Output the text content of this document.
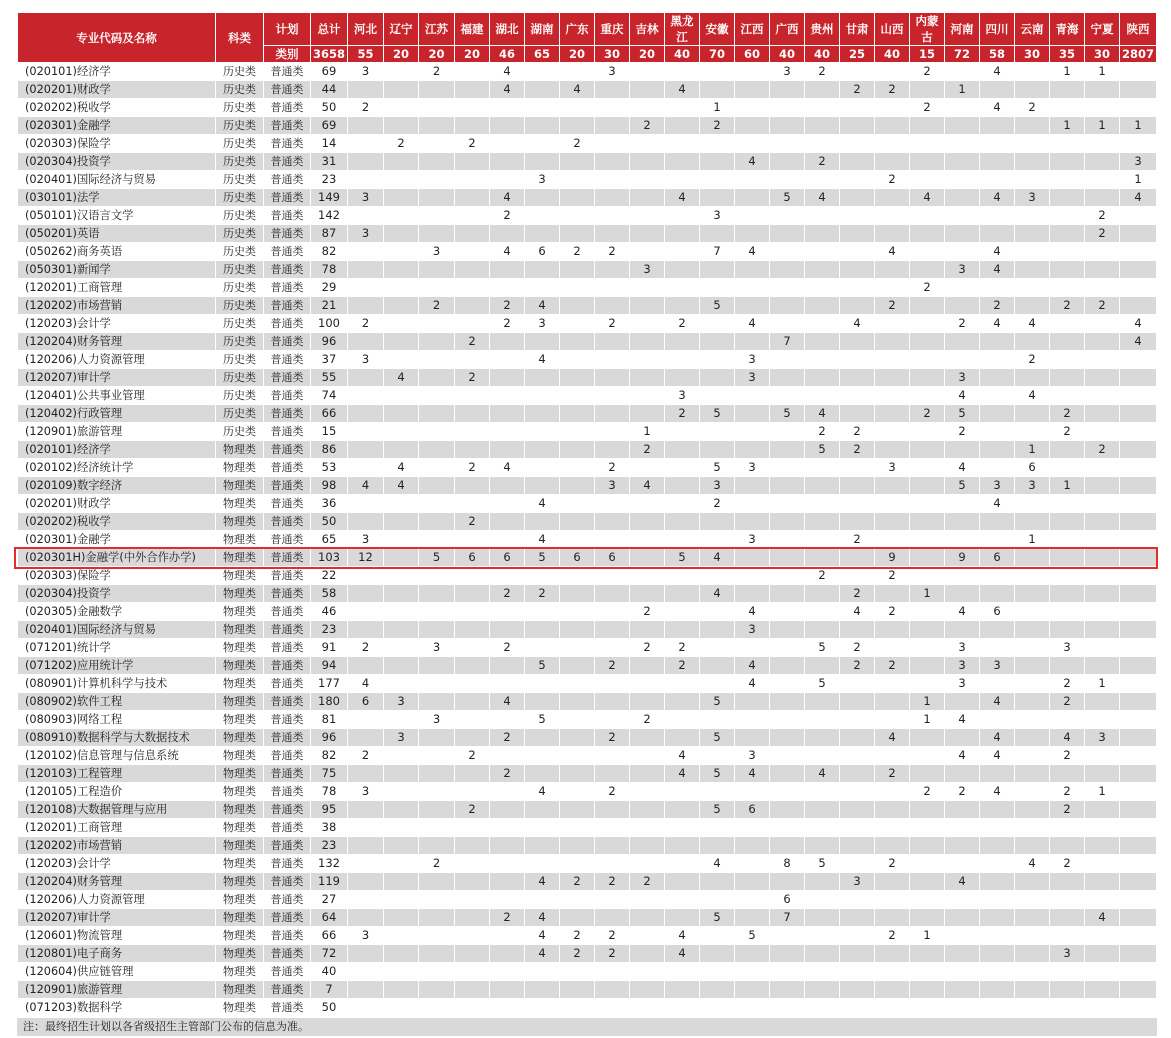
专业代码及名称	科类	计划	总计	河北	辽宁	江苏	福建	湖北	湖南	广东	重庆	吉林	黑龙江	安徽	江西	广西	贵州	甘肃	山西	内蒙古	河南	四川	云南	青海	宁夏	陕西	
		类别	3658	55	20	20	20	46	65	20	30	20	40	70	60	40	40	25	40	15	72	58	30	35	30	2807	
(020101)经济学	历史类	普通类	69	3		2		4			3					3	2			2		4		1	1		
(020201)财政学	历史类	普通类	44					4		4			4					2	2		1						
(020202)税收学	历史类	普通类	50	2										1						2		4	2				
(020301)金融学	历史类	普通类	69									2		2										1	1	1	
(020303)保险学	历史类	普通类	14		2		2			2																	
(020304)投资学	历史类	普通类	31												4		2									3	
(020401)国际经济与贸易	历史类	普通类	23						3										2							1	
(030101)法学	历史类	普通类	149	3				4					4			5	4			4		4	3			4	
(050101)汉语言文学	历史类	普通类	142					2						3											2		
(050201)英语	历史类	普通类	87	3																					2		
(050262)商务英语	历史类	普通类	82			3		4	6	2	2			7	4				4			4					
(050301)新闻学	历史类	普通类	78									3									3	4					
(120201)工商管理	历史类	普通类	29																	2							
(120202)市场营销	历史类	普通类	21			2		2	4					5					2			2		2	2		
(120203)会计学	历史类	普通类	100	2				2	3		2		2		4			4			2	4	4			4	
(120204)财务管理	历史类	普通类	96				2									7										4	
(120206)人力资源管理	历史类	普通类	37	3					4						3								2				
(120207)审计学	历史类	普通类	55		4		2								3						3						
(120401)公共事业管理	历史类	普通类	74										3								4		4				
(120402)行政管理	历史类	普通类	66										2	5		5	4			2	5			2			
(120901)旅游管理	历史类	普通类	15									1					2	2			2			2			
(020101)经济学	物理类	普通类	86									2					5	2					1		2		
(020102)经济统计学	物理类	普通类	53		4		2	4			2			5	3				3		4		6				
(020109)数字经济	物理类	普通类	98	4	4						3	4		3							5	3	3	1			
(020201)财政学	物理类	普通类	36						4					2								4					
(020202)税收学	物理类	普通类	50				2																				
(020301)金融学	物理类	普通类	65	3					4						3			2					1				
(020301H)金融学(中外合作办学)	物理类	普通类	103	12		5	6	6	5	6	6		5	4					9		9	6					
(020303)保险学	物理类	普通类	22														2		2								
(020304)投资学	物理类	普通类	58					2	2					4				2		1							
(020305)金融数学	物理类	普通类	46									2			4			4	2		4	6					
(020401)国际经济与贸易	物理类	普通类	23												3												
(071201)统计学	物理类	普通类	91	2		3		2				2	2				5	2			3			3			
(071202)应用统计学	物理类	普通类	94						5		2		2		4			2	2		3	3					
(080901)计算机科学与技术	物理类	普通类	177	4											4		5				3			2	1		
(080902)软件工程	物理类	普通类	180	6	3			4						5						1		4		2			
(080903)网络工程	物理类	普通类	81			3			5			2								1	4						
(080910)数据科学与大数据技术	物理类	普通类	96		3			2			2			5					4			4		4	3		
(120102)信息管理与信息系统	物理类	普通类	82	2			2						4		3						4	4		2			
(120103)工程管理	物理类	普通类	75					2					4	5	4		4		2								
(120105)工程造价	物理类	普通类	78	3					4		2									2	2	4		2	1		
(120108)大数据管理与应用	物理类	普通类	95				2							5	6									2			
(120201)工商管理	物理类	普通类	38																								
(120202)市场营销	物理类	普通类	23																								
(120203)会计学	物理类	普通类	132			2								4		8	5		2				4	2			
(120204)财务管理	物理类	普通类	119						4	2	2	2						3			4						
(120206)人力资源管理	物理类	普通类	27													6											
(120207)审计学	物理类	普通类	64					2	4					5		7									4		
(120601)物流管理	物理类	普通类	66	3					4	2	2		4		5				2	1							
(120801)电子商务	物理类	普通类	72						4	2	2		4											3			
(120604)供应链管理	物理类	普通类	40																								
(120901)旅游管理	物理类	普通类	7																								
(071203)数据科学	物理类	普通类	50																								
注：最终招生计划以各省级招生主管部门公布的信息为准。
